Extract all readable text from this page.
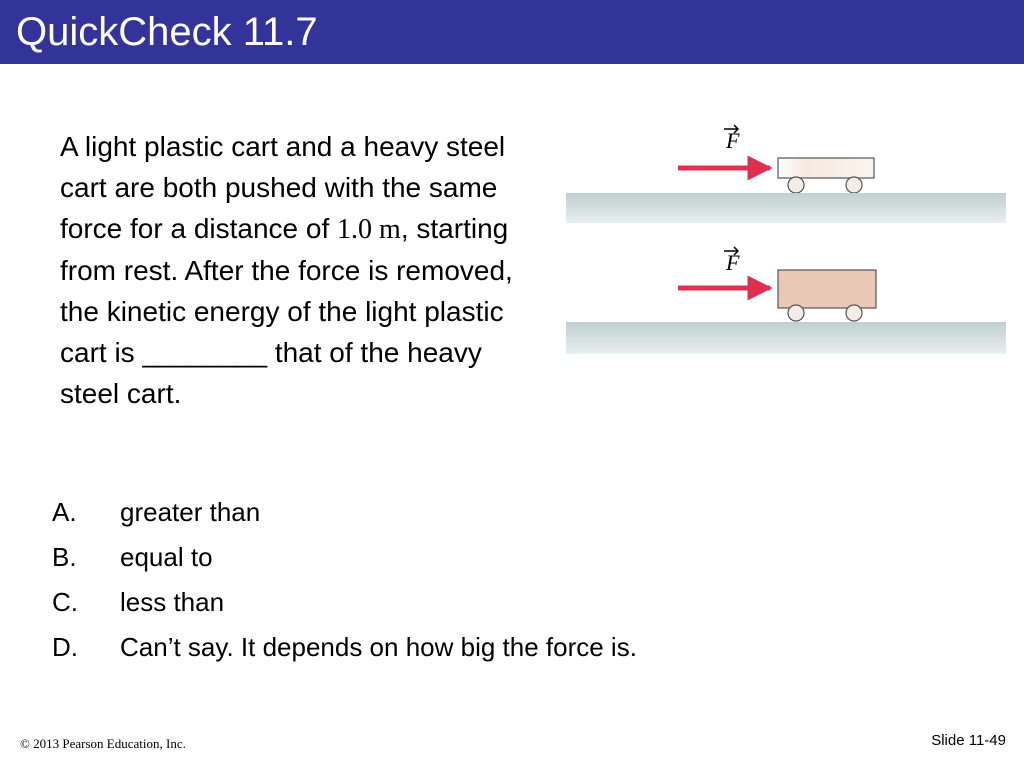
QuickCheck 11.7
A light plastic cart and a heavy steel cart are both pushed with the same force for a distance of 1.0 m, starting from rest. After the force is removed, the kinetic energy of the light plastic cart is ________ that of the heavy steel cart.
F
F
A. greater than
B. equal to
C. less than
D. Can’t say. It depends on how big the force is.
© 2013 Pearson Education, Inc.	Slide 11-49
